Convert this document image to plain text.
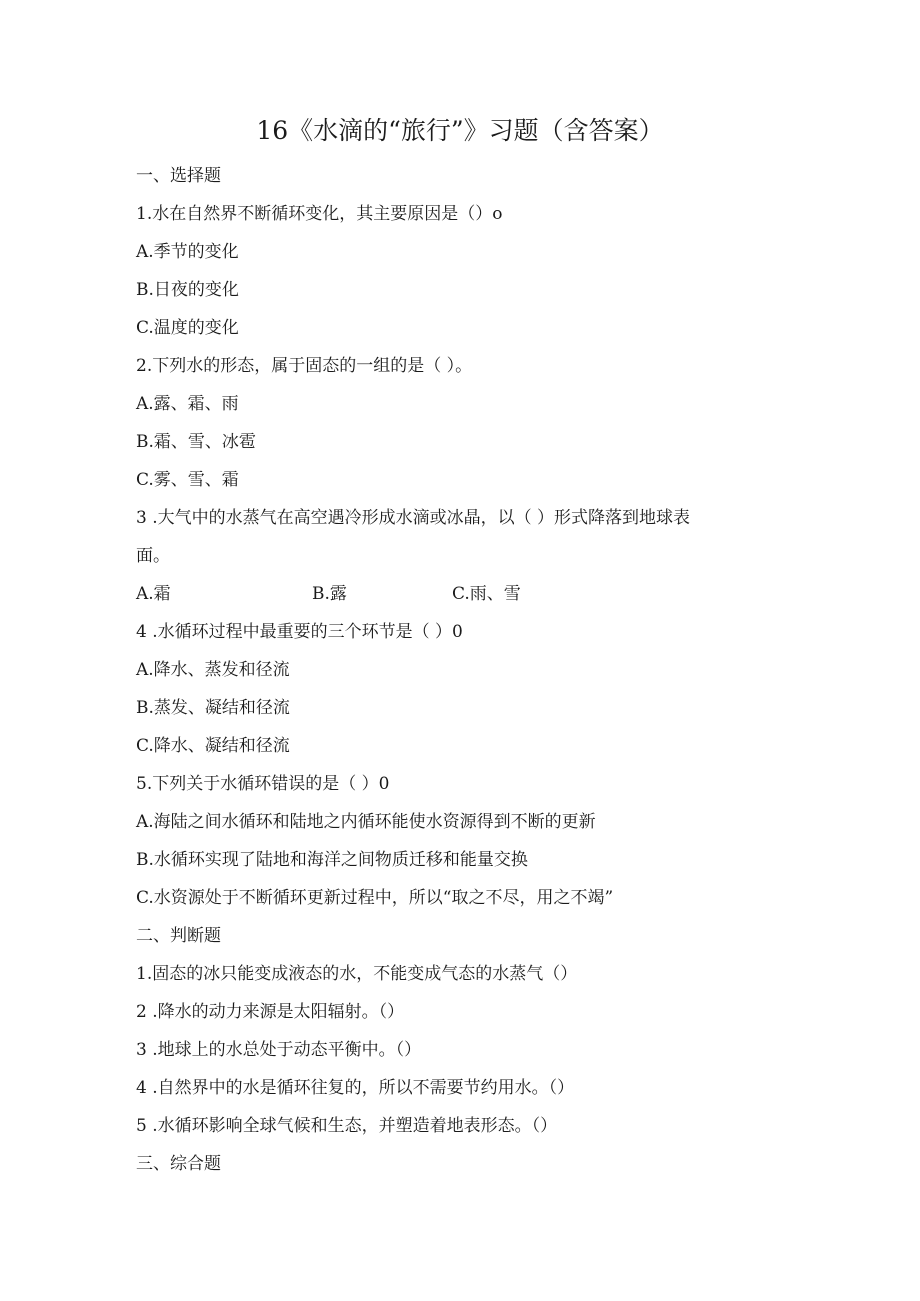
16《水滴的“旅行”》习题（含答案）
一、选择题
1.水在自然界不断循环变化，其主要原因是（）o
A.季节的变化
B.日夜的变化
C.温度的变化
2.下列水的形态，属于固态的一组的是（ ）。
A.露、霜、雨
B.霜、雪、冰雹
C.雾、雪、霜
3 .大气中的水蒸气在高空遇冷形成水滴或冰晶，以（ ）形式降落到地球表
面。
A.霜	B.露	C.雨、雪
4 .水循环过程中最重要的三个环节是（ ）0
A.降水、蒸发和径流
B.蒸发、凝结和径流
C.降水、凝结和径流
5.下列关于水循环错误的是（ ）0
A.海陆之间水循环和陆地之内循环能使水资源得到不断的更新
B.水循环实现了陆地和海洋之间物质迁移和能量交换
C.水资源处于不断循环更新过程中，所以“取之不尽，用之不竭”
二、判断题
1.固态的冰只能变成液态的水，不能变成气态的水蒸气（）
2 .降水的动力来源是太阳辐射。（）
3 .地球上的水总处于动态平衡中。（）
4 .自然界中的水是循环往复的，所以不需要节约用水。（）
5 .水循环影响全球气候和生态，并塑造着地表形态。（）
三、综合题
